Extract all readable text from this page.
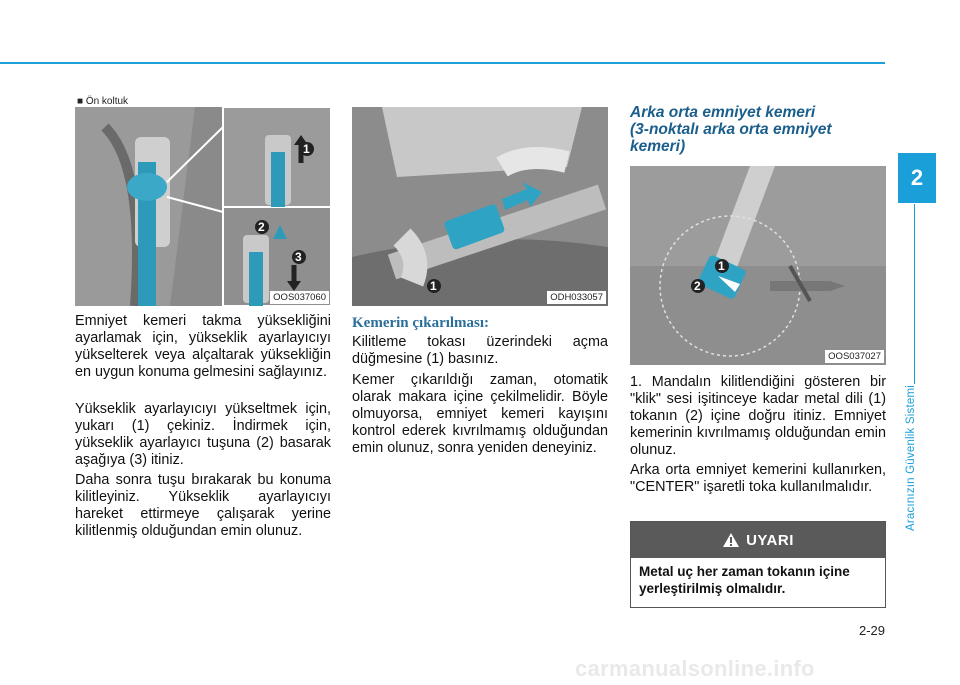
2
Aracınızın Güvenlik Sistemi
■ Ön koltuk
1
2
3
OOS037060
Emniyet kemeri takma yüksekliğini ayarlamak için, yükseklik ayarlayıcıyı yükselterek veya alçaltarak yüksekliğin en uygun konuma gelmesini sağlayınız.
Yükseklik ayarlayıcıyı yükseltmek için, yukarı (1) çekiniz. İndirmek için, yükseklik ayarlayıcı tuşuna (2) basarak aşağıya (3) itiniz.
Daha sonra tuşu bırakarak bu konuma kilitleyiniz. Yükseklik ayarlayıcıyı hareket ettirmeye çalışarak yerine kilitlenmiş olduğundan emin olunuz.
1
ODH033057
Kemerin çıkarılması:
Kilitleme tokası üzerindeki açma düğmesine (1) basınız.
Kemer çıkarıldığı zaman, otomatik olarak makara içine çekilmelidir. Böyle olmuyorsa, emniyet kemeri kayışını kontrol ederek kıvrılmamış olduğundan emin olunuz, sonra yeniden deneyiniz.
Arka orta emniyet kemeri
(3-noktalı arka orta emniyet
kemeri)
1
2
OOS037027
1. Mandalın kilitlendiğini gösteren bir "klik" sesi işitinceye kadar metal dili (1) tokanın (2) içine doğru itiniz. Emniyet kemerinin kıvrılmamış olduğundan emin olunuz.
Arka orta emniyet kemerini kullanırken, "CENTER" işaretli toka kullanılmalıdır.
UYARI
Metal uç her zaman tokanın içine yerleştirilmiş olmalıdır.
2-29
carmanualsonline.info
